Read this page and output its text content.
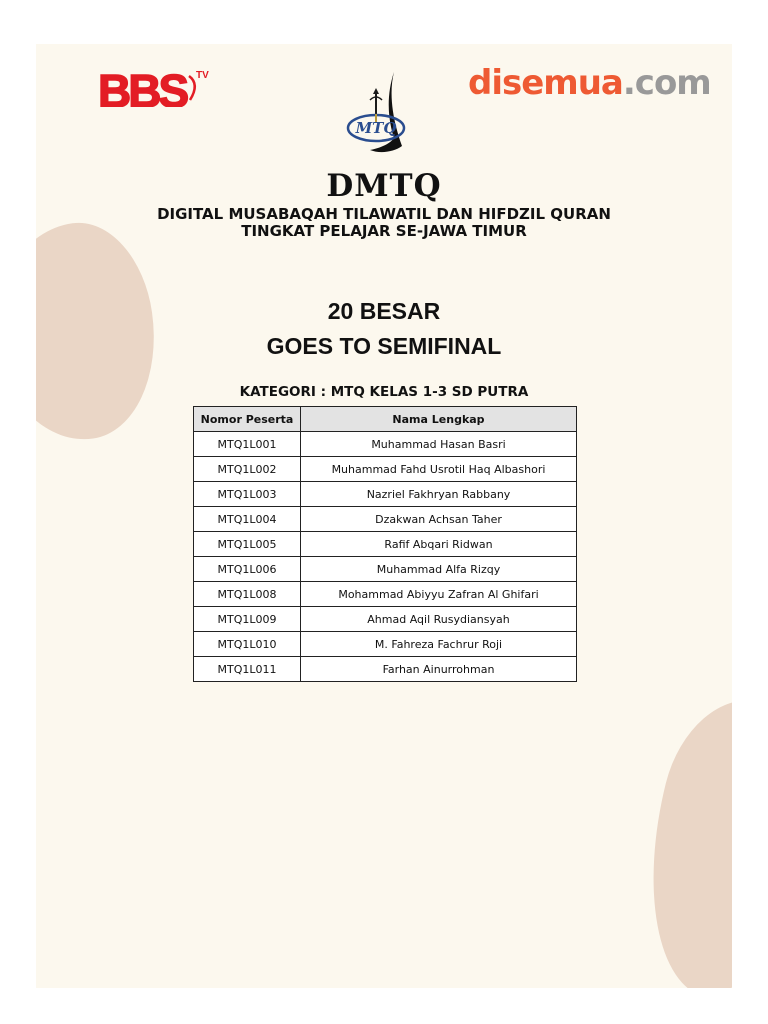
BBS TV
MTQ
disemua.com
DMTQ
DIGITAL MUSABAQAH TILAWATIL DAN HIFDZIL QURAN
TINGKAT PELAJAR SE-JAWA TIMUR
20 BESAR
GOES TO SEMIFINAL
KATEGORI : MTQ KELAS 1-3 SD PUTRA
Nomor Peserta	Nama Lengkap
MTQ1L001	Muhammad Hasan Basri
MTQ1L002	Muhammad Fahd Usrotil Haq Albashori
MTQ1L003	Nazriel Fakhryan Rabbany
MTQ1L004	Dzakwan Achsan Taher
MTQ1L005	Rafif Abqari Ridwan
MTQ1L006	Muhammad Alfa Rizqy
MTQ1L008	Mohammad Abiyyu Zafran Al Ghifari
MTQ1L009	Ahmad Aqil Rusydiansyah
MTQ1L010	M. Fahreza Fachrur Roji
MTQ1L011	Farhan Ainurrohman
